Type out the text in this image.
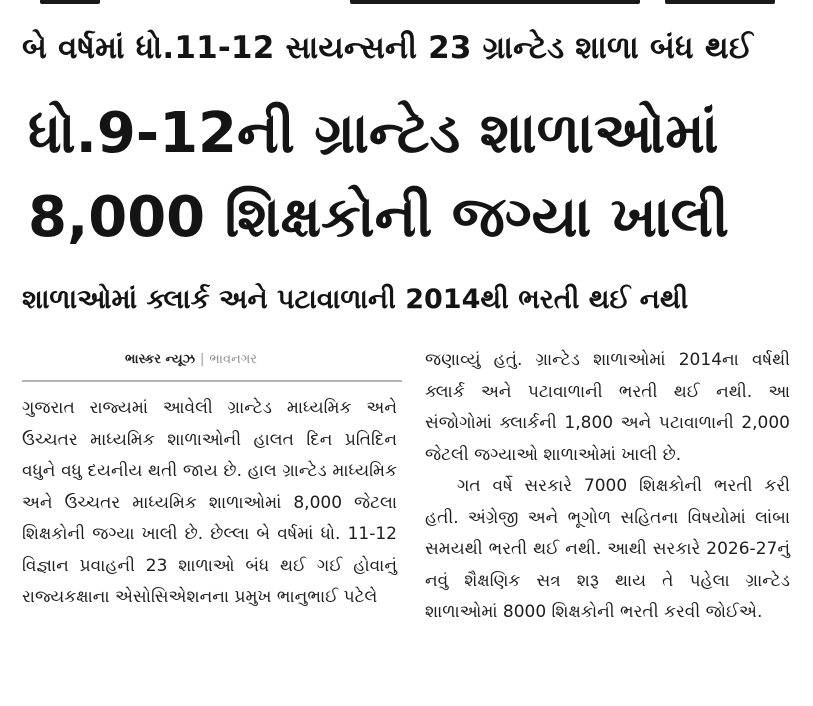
બે વર્ષમાં ધો.11-12 સાયન્સની 23 ગ્રાન્ટેડ શાળા બંધ થઈ
ધો.9-12ની ગ્રાન્ટેડ શાળાઓમાં
8,000 શિક્ષકોની જગ્યા ખાલી
શાળાઓમાં ક્લાર્ક અને પટાવાળાની 2014થી ભરતી થઈ નથી
ભાસ્કર ન્યૂઝ | ભાવનગર

ગુજરાત રાજ્યમાં આવેલી ગ્રાન્ટેડ માધ્યમિક અને ઉચ્ચતર માધ્યમિક શાળાઓની હાલત દિન પ્રતિદિન વધુને વધુ દયનીય થતી જાય છે. હાલ ગ્રાન્ટેડ માધ્યમિક અને ઉચ્ચતર માધ્યમિક શાળાઓમાં 8,000 જેટલા શિક્ષકોની જગ્યા ખાલી છે. છેલ્લા બે વર્ષમાં ધો. 11-12 વિજ્ઞાન પ્રવાહની 23 શાળાઓ બંધ થઈ ગઈ હોવાનું રાજ્યકક્ષાના એસોસિએશનના પ્રમુખ ભાનુભાઈ પટેલે

જણાવ્યું હતું. ગ્રાન્ટેડ શાળાઓમાં 2014ના વર્ષથી ક્લાર્ક અને પટાવાળાની ભરતી થઈ નથી. આ સંજોગોમાં ક્લાર્કની 1,800 અને પટાવાળાની 2,000 જેટલી જગ્યાઓ શાળાઓમાં ખાલી છે.

ગત વર્ષે સરકારે 7000 શિક્ષકોની ભરતી કરી હતી. અંગ્રેજી અને ભૂગોળ સહિતના વિષયોમાં લાંબા સમયથી ભરતી થઈ નથી. આથી સરકારે 2026-27નું નવું શૈક્ષણિક સત્ર શરૂ થાય તે પહેલા ગ્રાન્ટેડ શાળાઓમાં 8000 શિક્ષકોની ભરતી કરવી જોઈએ.
